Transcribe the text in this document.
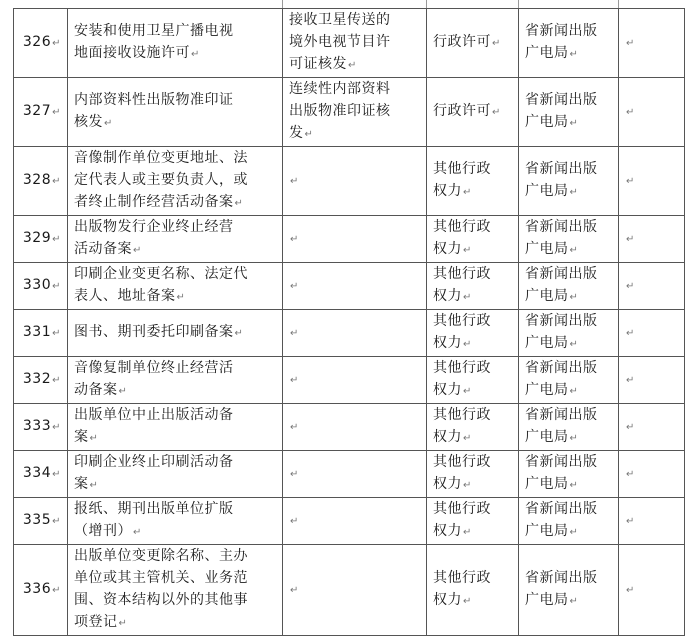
326↵	安装和使用卫星广播电视
地面接收设施许可↵	接收卫星传送的
境外电视节目许
可证核发↵	行政许可↵	省新闻出版
广电局↵	↵
327↵	内部资料性出版物准印证
核发↵	连续性内部资料
出版物准印证核
发↵	行政许可↵	省新闻出版
广电局↵	↵
328↵	音像制作单位变更地址、法
定代表人或主要负责人，或
者终止制作经营活动备案↵	↵	其他行政
权力↵	省新闻出版
广电局↵	↵
329↵	出版物发行企业终止经营
活动备案↵	↵	其他行政
权力↵	省新闻出版
广电局↵	↵
330↵	印刷企业变更名称、法定代
表人、地址备案↵	↵	其他行政
权力↵	省新闻出版
广电局↵	↵
331↵	图书、期刊委托印刷备案↵	↵	其他行政
权力↵	省新闻出版
广电局↵	↵
332↵	音像复制单位终止经营活
动备案↵	↵	其他行政
权力↵	省新闻出版
广电局↵	↵
333↵	出版单位中止出版活动备
案↵	↵	其他行政
权力↵	省新闻出版
广电局↵	↵
334↵	印刷企业终止印刷活动备
案↵	↵	其他行政
权力↵	省新闻出版
广电局↵	↵
335↵	报纸、期刊出版单位扩版
（增刊）↵	↵	其他行政
权力↵	省新闻出版
广电局↵	↵
336↵	出版单位变更除名称、主办
单位或其主管机关、业务范
围、资本结构以外的其他事
项登记↵	↵	其他行政
权力↵	省新闻出版
广电局↵	↵
